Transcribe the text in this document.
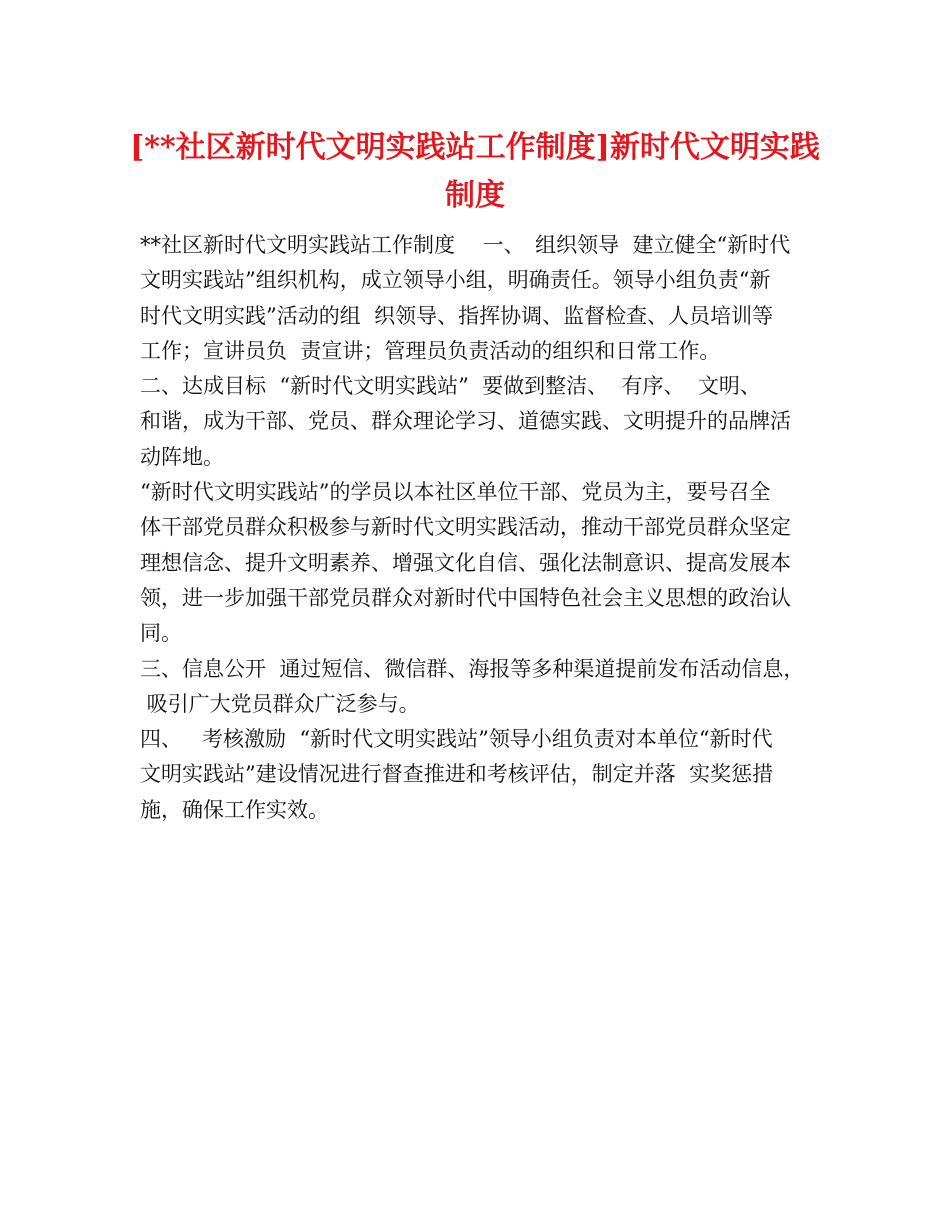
[**社区新时代文明实践站工作制度]新时代文明实践
制度
**社区新时代文明实践站工作制度　 一、　组织领导  建立健全“新时代
文明实践站”组织机构，成立领导小组，明确责任。领导小组负责“新
时代文明实践”活动的组  织领导、指挥协调、监督检查、人员培训等
工作；宣讲员负  责宣讲；管理员负责活动的组织和日常工作。
二、达成目标  “新时代文明实践站”  要做到整洁、  有序、  文明、
和谐，成为干部、党员、群众理论学习、道德实践、文明提升的品牌活
动阵地。
“新时代文明实践站”的学员以本社区单位干部、党员为主，要号召全
体干部党员群众积极参与新时代文明实践活动，推动干部党员群众坚定
理想信念、提升文明素养、增强文化自信、强化法制意识、提高发展本
领，进一步加强干部党员群众对新时代中国特色社会主义思想的政治认
同。
三、信息公开  通过短信、微信群、海报等多种渠道提前发布活动信息，
吸引广大党员群众广泛参与。
四、   考核激励  “新时代文明实践站”领导小组负责对本单位“新时代
文明实践站”建设情况进行督查推进和考核评估，制定并落  实奖惩措
施，确保工作实效。
